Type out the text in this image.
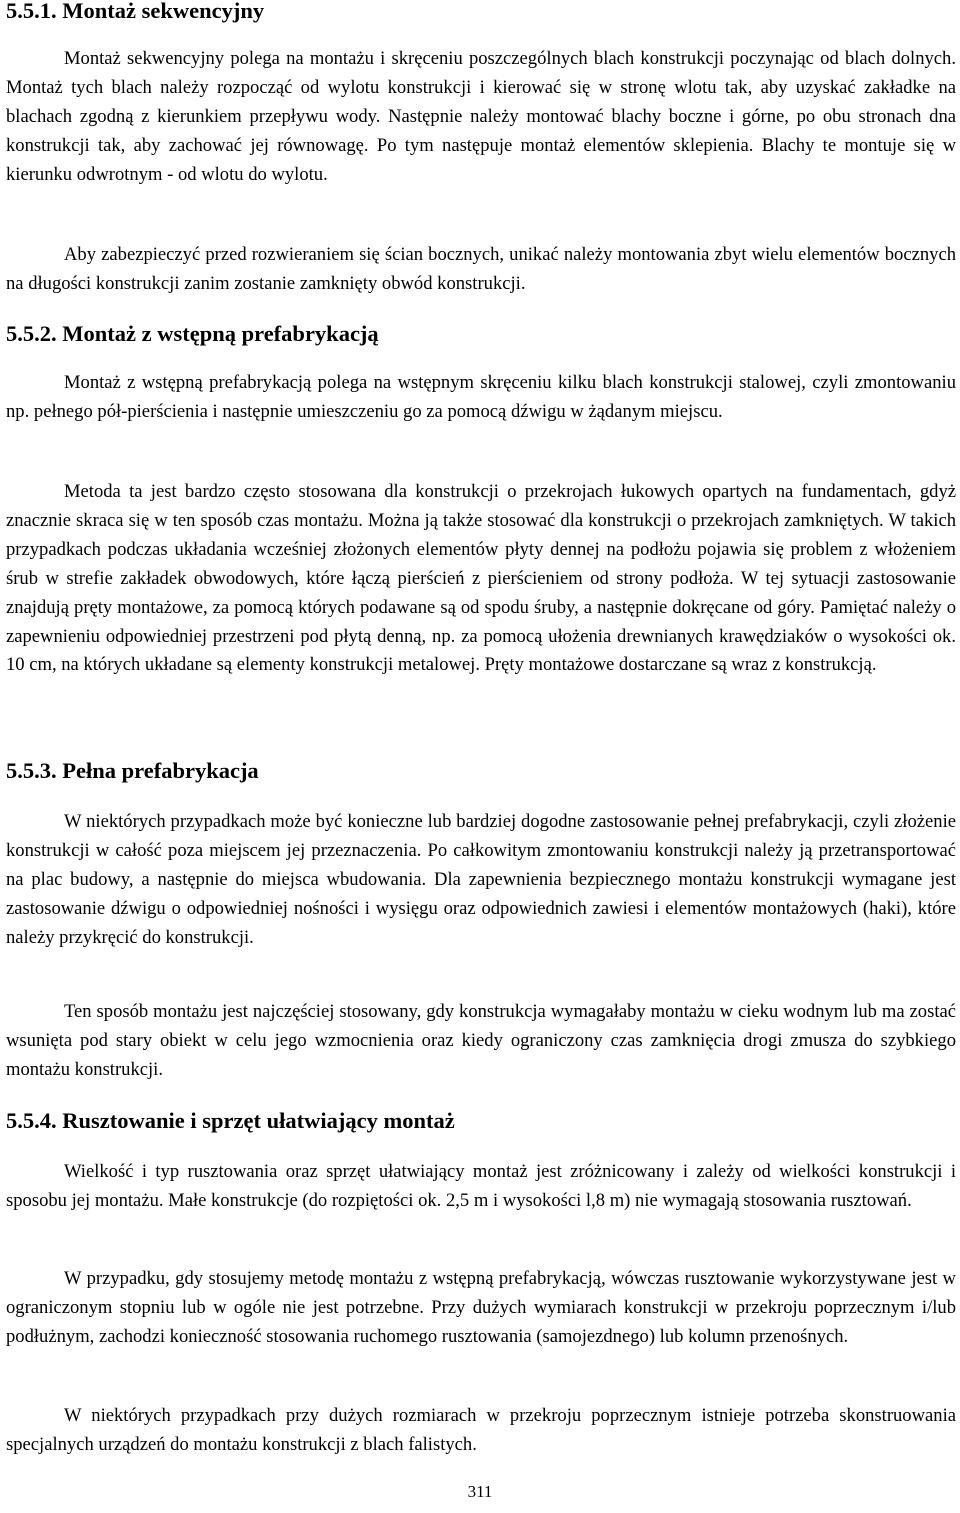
5.5.1. Montaż sekwencyjny

Montaż sekwencyjny polega na montażu i skręceniu poszczególnych blach konstrukcji poczynając od blach dolnych. Montaż tych blach należy rozpocząć od wylotu konstrukcji i kierować się w stronę wlotu tak, aby uzyskać zakładke na blachach zgodną z kierunkiem przepływu wody. Następnie należy montować blachy boczne i górne, po obu stronach dna konstrukcji tak, aby zachować jej równowagę. Po tym następuje montaż elementów sklepienia. Blachy te montuje się w kierunku odwrotnym - od wlotu do wylotu.

Aby zabezpieczyć przed rozwieraniem się ścian bocznych, unikać należy montowania zbyt wielu elementów bocznych na długości konstrukcji zanim zostanie zamknięty obwód konstrukcji.

5.5.2. Montaż z wstępną prefabrykacją

Montaż z wstępną prefabrykacją polega na wstępnym skręceniu kilku blach konstrukcji stalowej, czyli zmontowaniu np. pełnego pół-pierścienia i następnie umieszczeniu go za pomocą dźwigu w żądanym miejscu.

Metoda ta jest bardzo często stosowana dla konstrukcji o przekrojach łukowych opartych na fundamentach, gdyż znacznie skraca się w ten sposób czas montażu. Można ją także stosować dla konstrukcji o przekrojach zamkniętych. W takich przypadkach podczas układania wcześniej złożonych elementów płyty dennej na podłożu pojawia się problem z włożeniem śrub w strefie zakładek obwodowych, które łączą pierścień z pierścieniem od strony podłoża. W tej sytuacji zastosowanie znajdują pręty montażowe, za pomocą których podawane są od spodu śruby, a następnie dokręcane od góry. Pamiętać należy o zapewnieniu odpowiedniej przestrzeni pod płytą denną, np. za pomocą ułożenia drewnianych krawędziaków o wysokości ok. 10 cm, na których układane są elementy konstrukcji metalowej. Pręty montażowe dostarczane są wraz z konstrukcją.

5.5.3. Pełna prefabrykacja

W niektórych przypadkach może być konieczne lub bardziej dogodne zastosowanie pełnej prefabrykacji, czyli złożenie konstrukcji w całość poza miejscem jej przeznaczenia. Po całkowitym zmontowaniu konstrukcji należy ją przetransportować na plac budowy, a następnie do miejsca wbudowania. Dla zapewnienia bezpiecznego montażu konstrukcji wymagane jest zastosowanie dźwigu o odpowiedniej nośności i wysięgu oraz odpowiednich zawiesi i elementów montażowych (haki), które należy przykręcić do konstrukcji.

Ten sposób montażu jest najczęściej stosowany, gdy konstrukcja wymagałaby montażu w cieku wodnym lub ma zostać wsunięta pod stary obiekt w celu jego wzmocnienia oraz kiedy ograniczony czas zamknięcia drogi zmusza do szybkiego montażu konstrukcji.

5.5.4. Rusztowanie i sprzęt ułatwiający montaż

Wielkość i typ rusztowania oraz sprzęt ułatwiający montaż jest zróżnicowany i zależy od wielkości konstrukcji i sposobu jej montażu. Małe konstrukcje (do rozpiętości ok. 2,5 m i wysokości l,8 m) nie wymagają stosowania rusztowań.

W przypadku, gdy stosujemy metodę montażu z wstępną prefabrykacją, wówczas rusztowanie wykorzystywane jest w ograniczonym stopniu lub w ogóle nie jest potrzebne. Przy dużych wymiarach konstrukcji w przekroju poprzecznym i/lub podłużnym, zachodzi konieczność stosowania ruchomego rusztowania (samojezdnego) lub kolumn przenośnych.

W niektórych przypadkach przy dużych rozmiarach w przekroju poprzecznym istnieje potrzeba skonstruowania specjalnych urządzeń do montażu konstrukcji z blach falistych.

311
